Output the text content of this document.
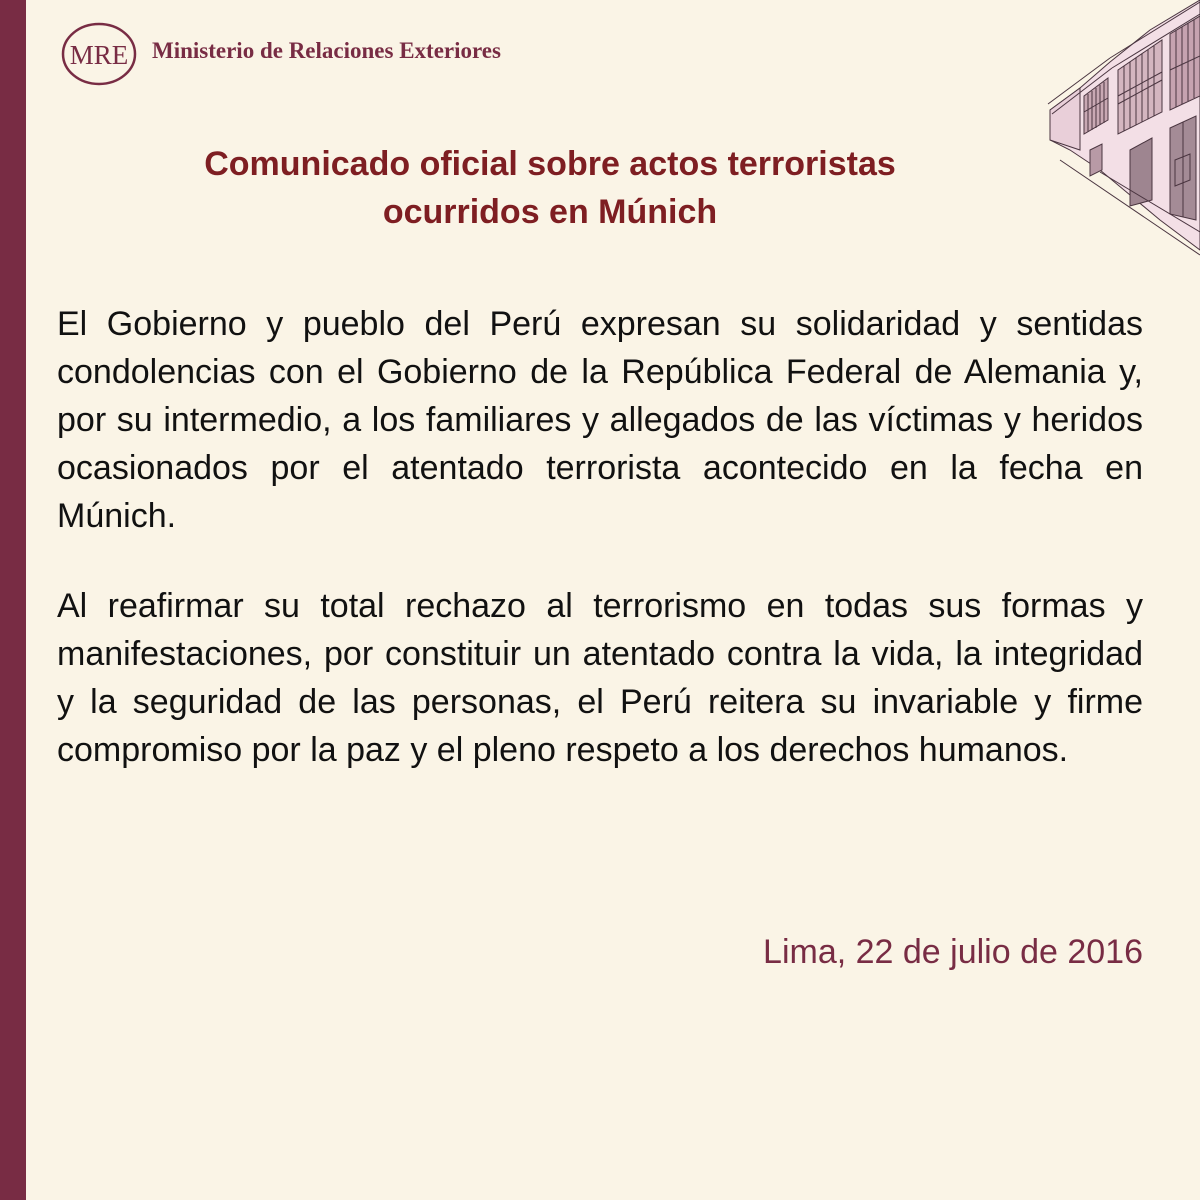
MRE Ministerio de Relaciones Exteriores
Comunicado oficial sobre actos terroristas
ocurridos en Múnich

El Gobierno y pueblo del Perú expresan su solidaridad y sentidas condolencias con el Gobierno de la República Federal de Alemania y, por su intermedio, a los familiares y allegados de las víctimas y heridos ocasionados por el atentado terrorista acontecido en la fecha en Múnich.

Al reafirmar su total rechazo al terrorismo en todas sus formas y manifestaciones, por constituir un atentado contra la vida, la integridad y la seguridad de las personas, el Perú reitera su invariable y firme compromiso por la paz y el pleno respeto a los derechos humanos.

Lima, 22 de julio de 2016
